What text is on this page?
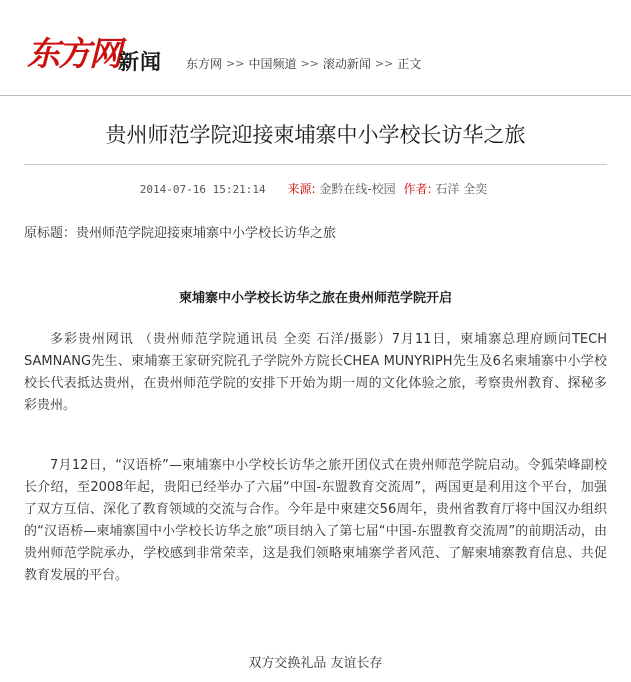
东方网
新闻 东方网 >> 中国频道 >> 滚动新闻 >> 正文
贵州师范学院迎接柬埔寨中小学校长访华之旅
2014-07-16 15:21:14 来源: 金黔在线-校园 作者: 石洋 全奕
原标题：贵州师范学院迎接柬埔寨中小学校长访华之旅
柬埔寨中小学校长访华之旅在贵州师范学院开启

多彩贵州网讯 （贵州师范学院通讯员 全奕 石洋/摄影）7月11日，柬埔寨总理府顾问TECH SAMNANG先生、柬埔寨王家研究院孔子学院外方院长CHEA MUNYRIPH先生及6名柬埔寨中小学校校长代表抵达贵州，在贵州师范学院的安排下开始为期一周的文化体验之旅，考察贵州教育、探秘多彩贵州。

7月12日，“汉语桥”—柬埔寨中小学校长访华之旅开团仪式在贵州师范学院启动。令狐荣峰副校长介绍，至2008年起，贵阳已经举办了六届“中国-东盟教育交流周”，两国更是利用这个平台，加强了双方互信、深化了教育领域的交流与合作。今年是中柬建交56周年，贵州省教育厅将中国汉办组织的“汉语桥—柬埔寨国中小学校长访华之旅”项目纳入了第七届“中国-东盟教育交流周”的前期活动，由贵州师范学院承办，学校感到非常荣幸，这是我们领略柬埔寨学者风范、了解柬埔寨教育信息、共促教育发展的平台。

双方交换礼品 友谊长存
